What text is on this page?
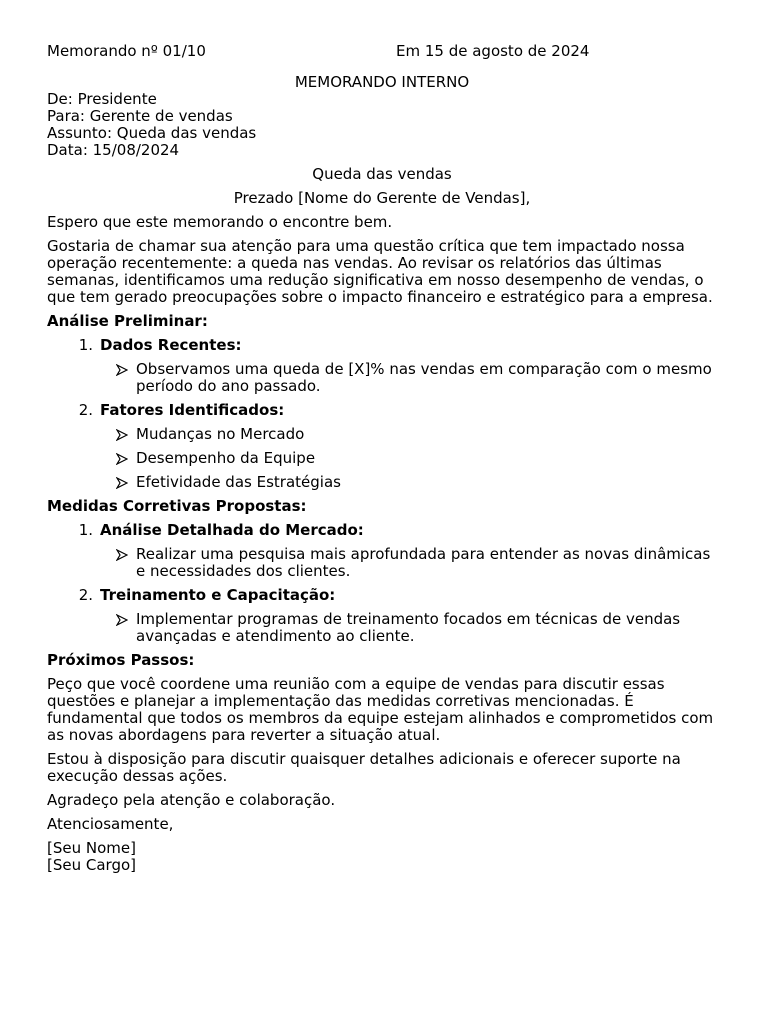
Memorando nº 01/10	Em 15 de agosto de 2024
MEMORANDO INTERNO
De: Presidente
Para: Gerente de vendas
Assunto: Queda das vendas
Data: 15/08/2024
Queda das vendas
Prezado [Nome do Gerente de Vendas],

Espero que este memorando o encontre bem.

Gostaria de chamar sua atenção para uma questão crítica que tem impactado nossa operação recentemente: a queda nas vendas. Ao revisar os relatórios das últimas semanas, identificamos uma redução significativa em nosso desempenho de vendas, o que tem gerado preocupações sobre o impacto financeiro e estratégico para a empresa.

Análise Preliminar:
1. Dados Recentes:
Observamos uma queda de [X]% nas vendas em comparação com o mesmo período do ano passado.
2. Fatores Identificados:
Mudanças no Mercado
Desempenho da Equipe
Efetividade das Estratégias
Medidas Corretivas Propostas:
1. Análise Detalhada do Mercado:
Realizar uma pesquisa mais aprofundada para entender as novas dinâmicas e necessidades dos clientes.
2. Treinamento e Capacitação:
Implementar programas de treinamento focados em técnicas de vendas avançadas e atendimento ao cliente.
Próximos Passos:

Peço que você coordene uma reunião com a equipe de vendas para discutir essas questões e planejar a implementação das medidas corretivas mencionadas. É fundamental que todos os membros da equipe estejam alinhados e comprometidos com as novas abordagens para reverter a situação atual.

Estou à disposição para discutir quaisquer detalhes adicionais e oferecer suporte na execução dessas ações.

Agradeço pela atenção e colaboração.

Atenciosamente,

[Seu Nome]
[Seu Cargo]
